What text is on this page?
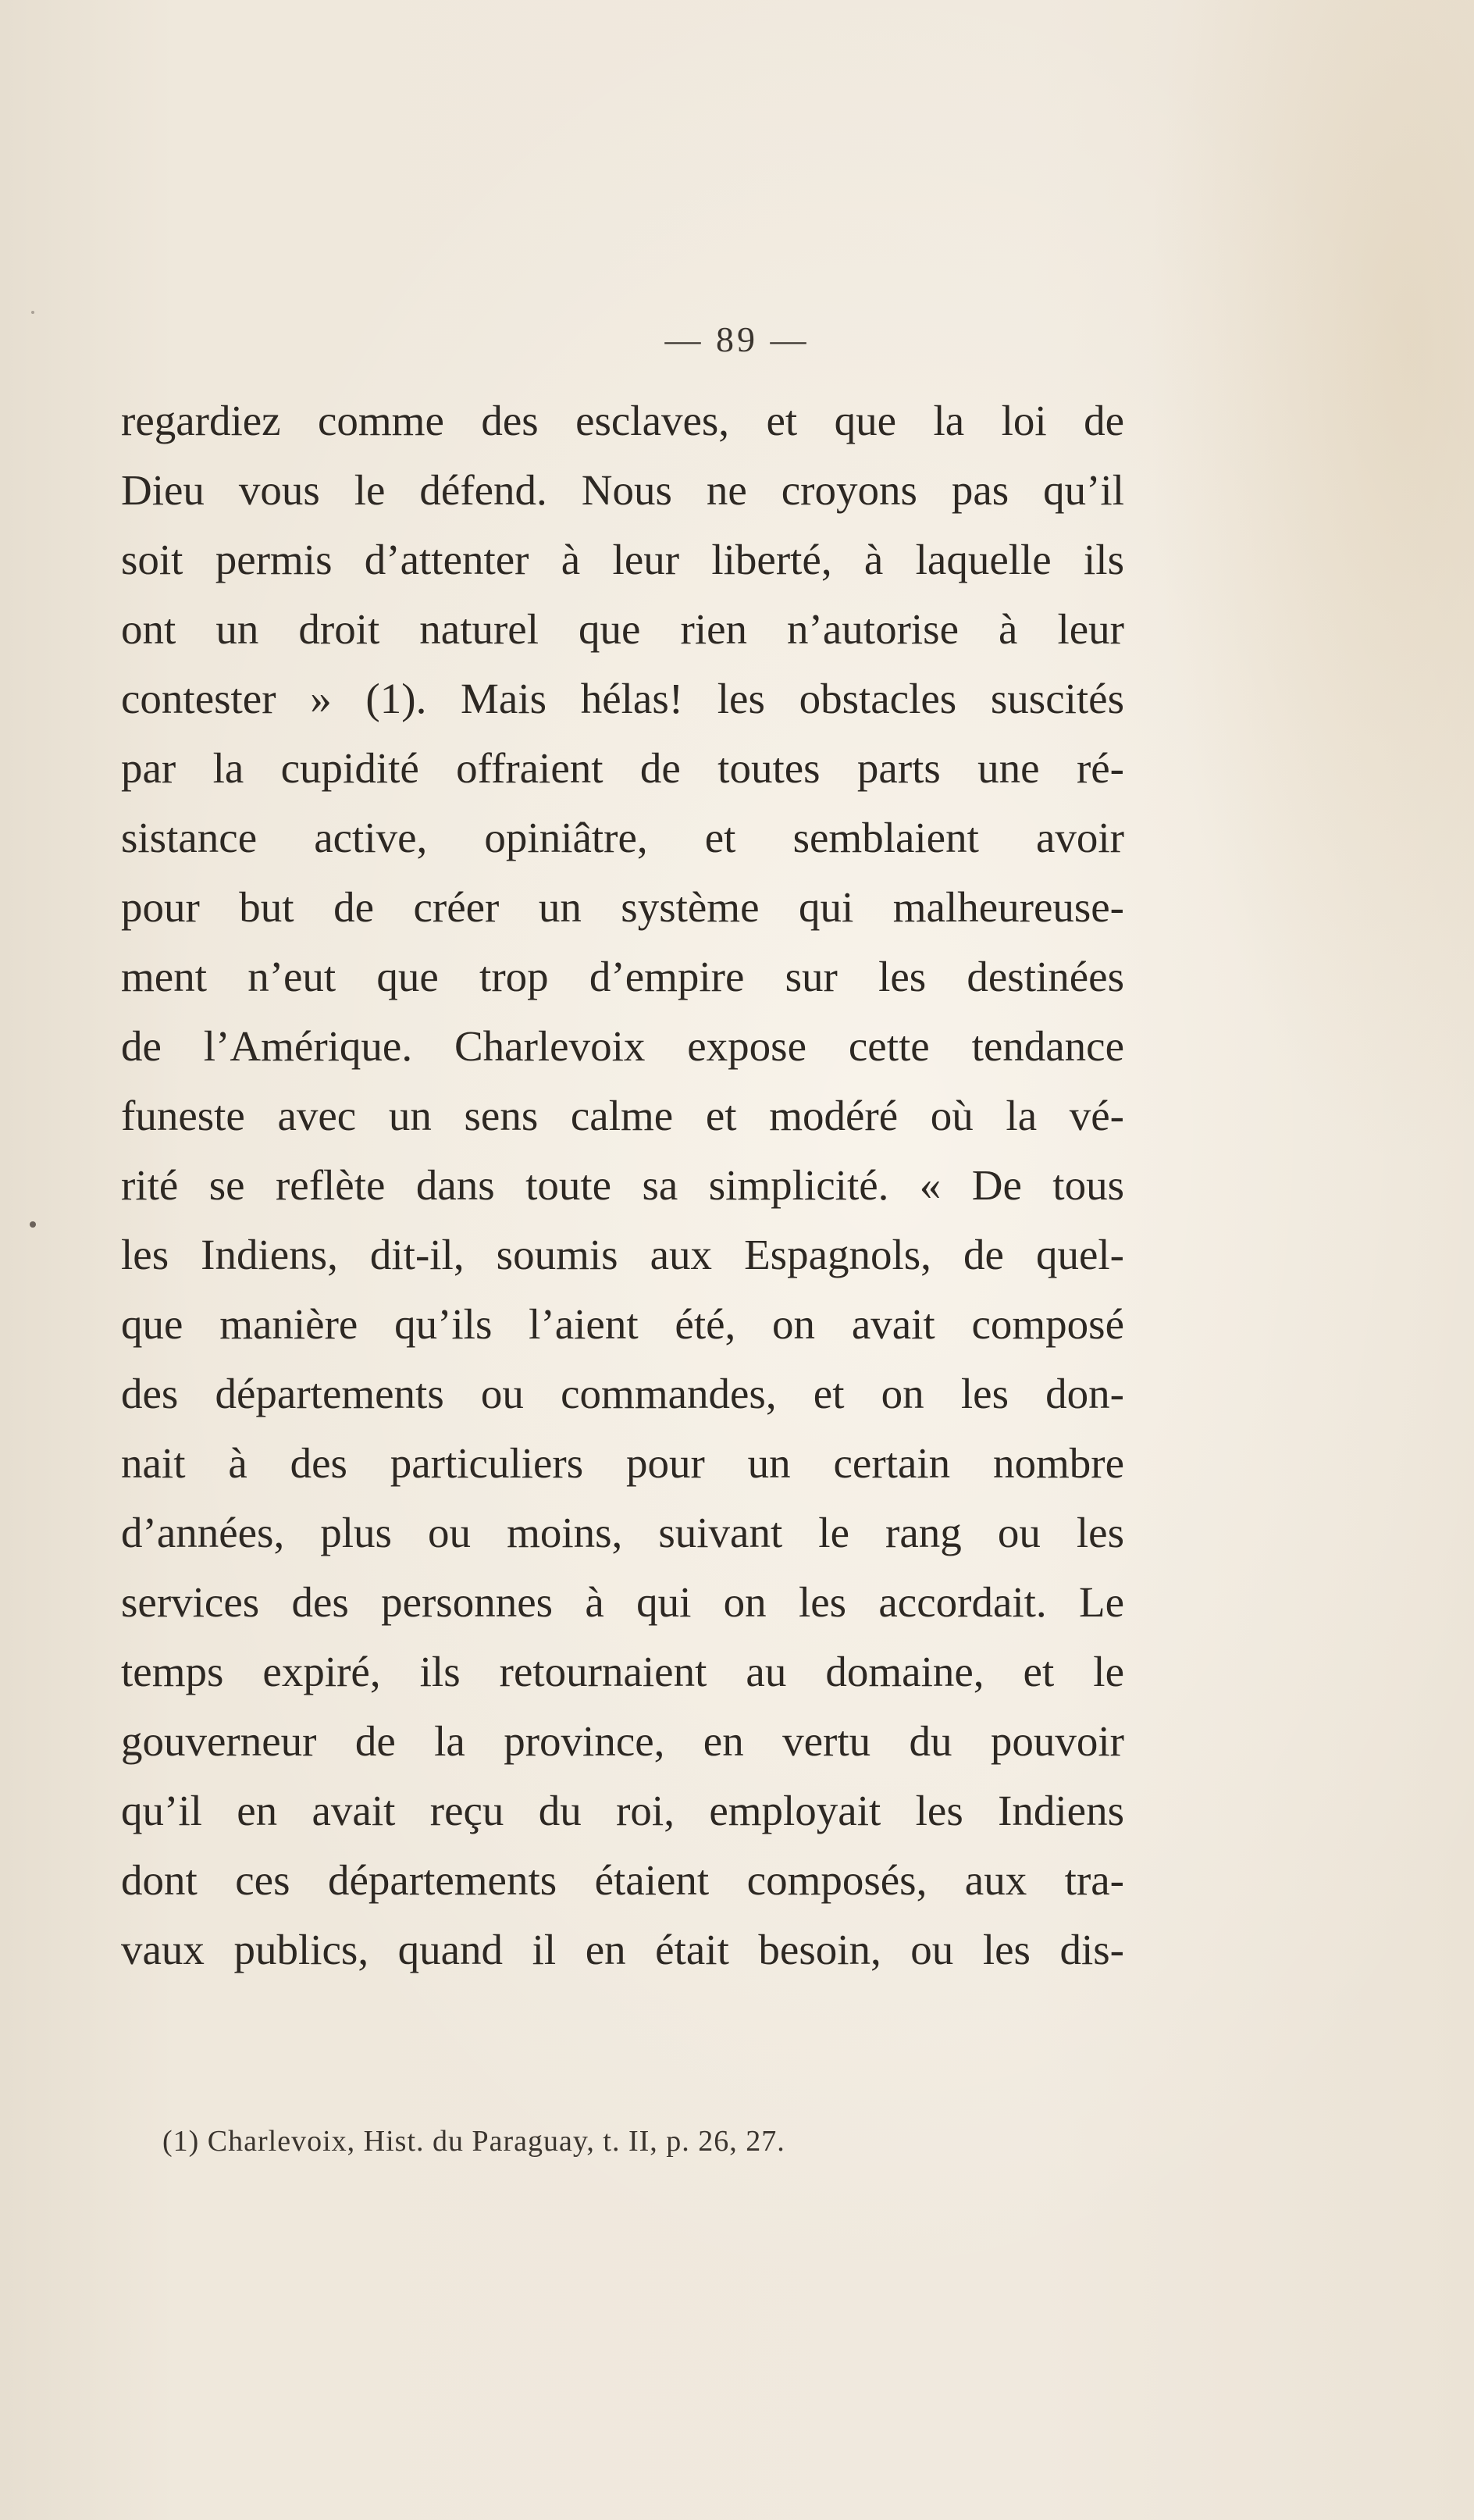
— 89 —
regardiez comme des esclaves, et que la loi de
Dieu vous le défend. Nous ne croyons pas qu’il
soit permis d’attenter à leur liberté, à laquelle ils
ont un droit naturel que rien n’autorise à leur
contester » (1). Mais hélas! les obstacles suscités
par la cupidité offraient de toutes parts une ré-
sistance active, opiniâtre, et semblaient avoir
pour but de créer un système qui malheureuse-
ment n’eut que trop d’empire sur les destinées
de l’Amérique. Charlevoix expose cette tendance
funeste avec un sens calme et modéré où la vé-
rité se reflète dans toute sa simplicité. « De tous
les Indiens, dit-il, soumis aux Espagnols, de quel-
que manière qu’ils l’aient été, on avait composé
des départements ou commandes, et on les don-
nait à des particuliers pour un certain nombre
d’années, plus ou moins, suivant le rang ou les
services des personnes à qui on les accordait. Le
temps expiré, ils retournaient au domaine, et le
gouverneur de la province, en vertu du pouvoir
qu’il en avait reçu du roi, employait les Indiens
dont ces départements étaient composés, aux tra-
vaux publics, quand il en était besoin, ou les dis-
(1) Charlevoix, Hist. du Paraguay, t. II, p. 26, 27.
